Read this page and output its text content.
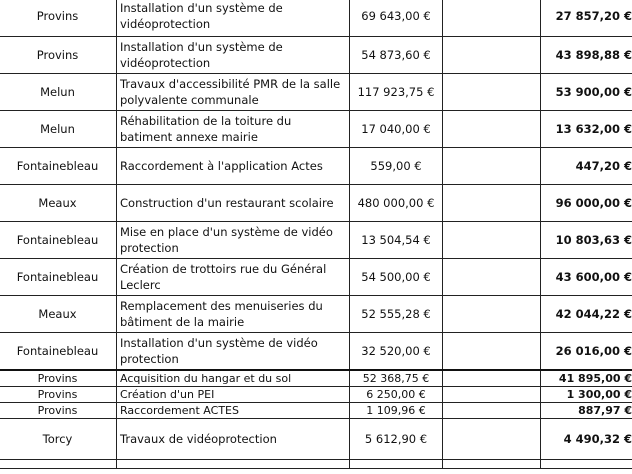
Provins	Installation d'un système de vidéoprotection	69 643,00 €		27 857,20 €
Provins	Installation d'un système de vidéoprotection	54 873,60 €		43 898,88 €
Melun	Travaux d'accessibilité PMR de la salle polyvalente communale	117 923,75 €		53 900,00 €
Melun	Réhabilitation de la toiture du batiment annexe mairie	17 040,00 €		13 632,00 €
Fontainebleau	Raccordement à l'application Actes	559,00 €		447,20 €
Meaux	Construction d'un restaurant scolaire	480 000,00 €		96 000,00 €
Fontainebleau	Mise en place d'un système de vidéo protection	13 504,54 €		10 803,63 €
Fontainebleau	Création de trottoirs rue du Général Leclerc	54 500,00 €		43 600,00 €
Meaux	Remplacement des menuiseries du bâtiment de la mairie	52 555,28 €		42 044,22 €
Fontainebleau	Installation d'un système de vidéo protection	32 520,00 €		26 016,00 €
Provins	Acquisition du hangar et du sol	52 368,75 €		41 895,00 €
Provins	Création d'un PEI	6 250,00 €		1 300,00 €
Provins	Raccordement ACTES	1 109,96 €		887,97 €
Torcy	Travaux de vidéoprotection	5 612,90 €		4 490,32 €
